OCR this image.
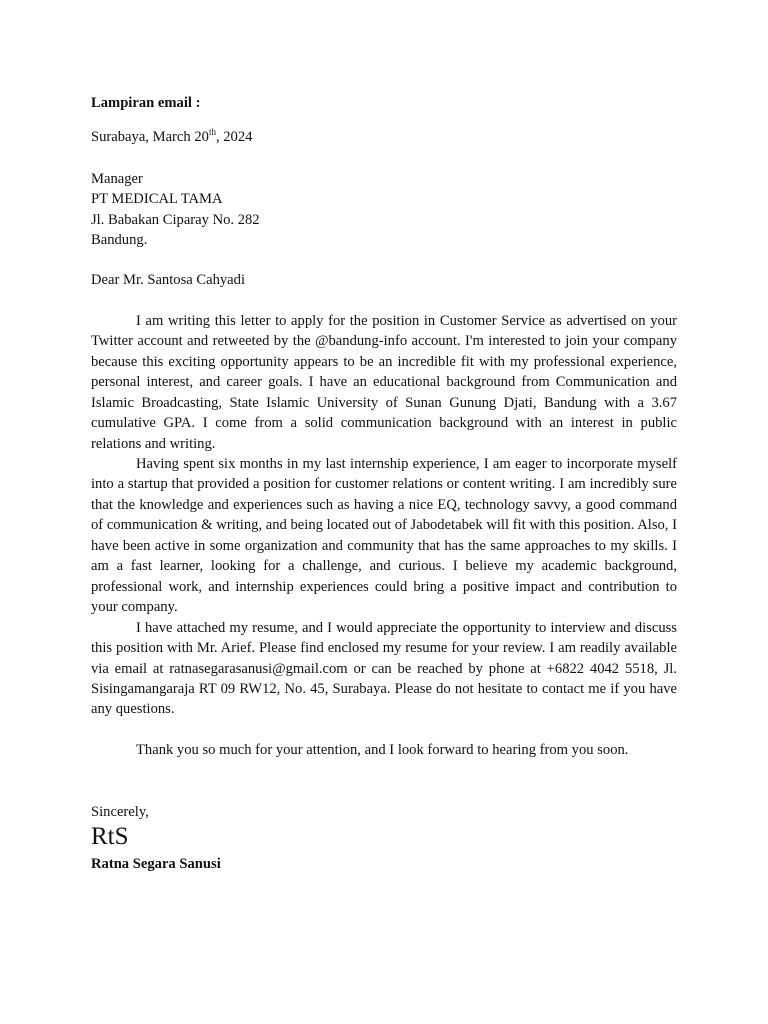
Lampiran email :
Surabaya, March 20th, 2024
Manager
PT MEDICAL TAMA
Jl. Babakan Ciparay No. 282
Bandung.
Dear Mr. Santosa Cahyadi

I am writing this letter to apply for the position in Customer Service as advertised on your Twitter account and retweeted by the @bandung-info account. I'm interested to join your company because this exciting opportunity appears to be an incredible fit with my professional experience, personal interest, and career goals. I have an educational background from Communication and Islamic Broadcasting, State Islamic University of Sunan Gunung Djati, Bandung with a 3.67 cumulative GPA. I come from a solid communication background with an interest in public relations and writing.

Having spent six months in my last internship experience, I am eager to incorporate myself into a startup that provided a position for customer relations or content writing. I am incredibly sure that the knowledge and experiences such as having a nice EQ, technology savvy, a good command of communication & writing, and being located out of Jabodetabek will fit with this position. Also, I have been active in some organization and community that has the same approaches to my skills. I am a fast learner, looking for a challenge, and curious. I believe my academic background, professional work, and internship experiences could bring a positive impact and contribution to your company.

I have attached my resume, and I would appreciate the opportunity to interview and discuss this position with Mr. Arief. Please find enclosed my resume for your review. I am readily available via email at ratnasegarasanusi@gmail.com or can be reached by phone at +6822 4042 5518, Jl. Sisingamangaraja RT 09 RW12, No. 45, Surabaya. Please do not hesitate to contact me if you have any questions.

Thank you so much for your attention, and I look forward to hearing from you soon.

Sincerely,
RtS
Ratna Segara Sanusi
